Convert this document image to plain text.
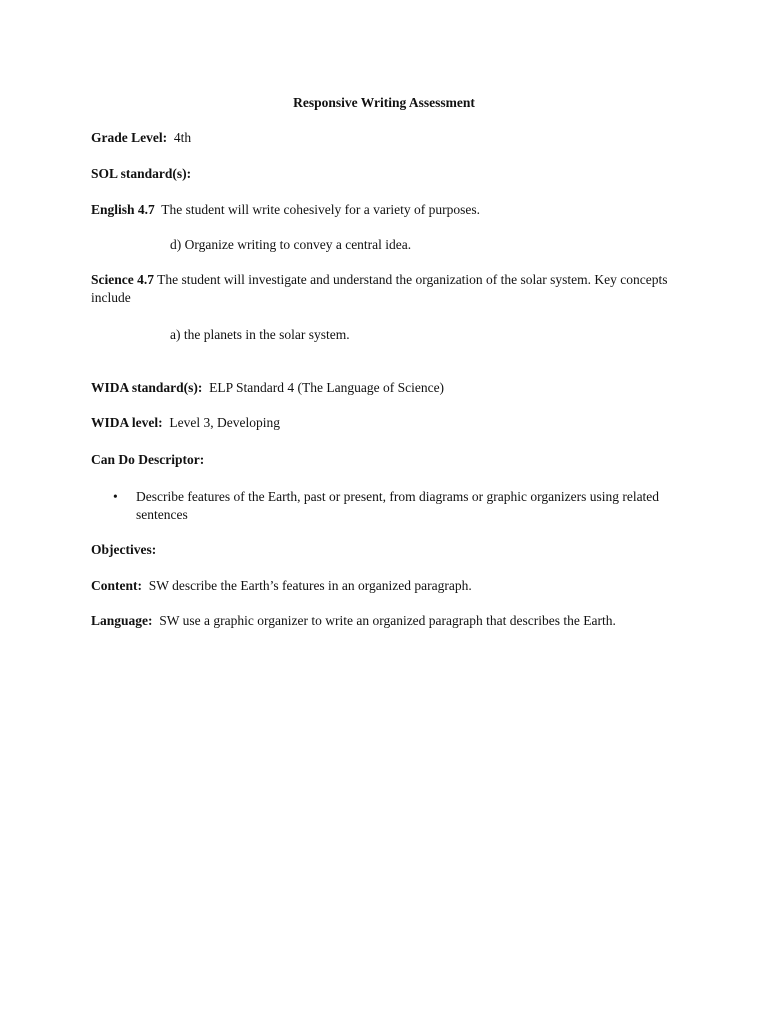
Responsive Writing Assessment
Grade Level: 4th
SOL standard(s):
English 4.7 The student will write cohesively for a variety of purposes.
d) Organize writing to convey a central idea.
Science 4.7 The student will investigate and understand the organization of the solar system. Key concepts include
a) the planets in the solar system.
WIDA standard(s): ELP Standard 4 (The Language of Science)
WIDA level: Level 3, Developing
Can Do Descriptor:
•	Describe features of the Earth, past or present, from diagrams or graphic organizers using related sentences
Objectives:
Content: SW describe the Earth’s features in an organized paragraph.
Language: SW use a graphic organizer to write an organized paragraph that describes the Earth.
